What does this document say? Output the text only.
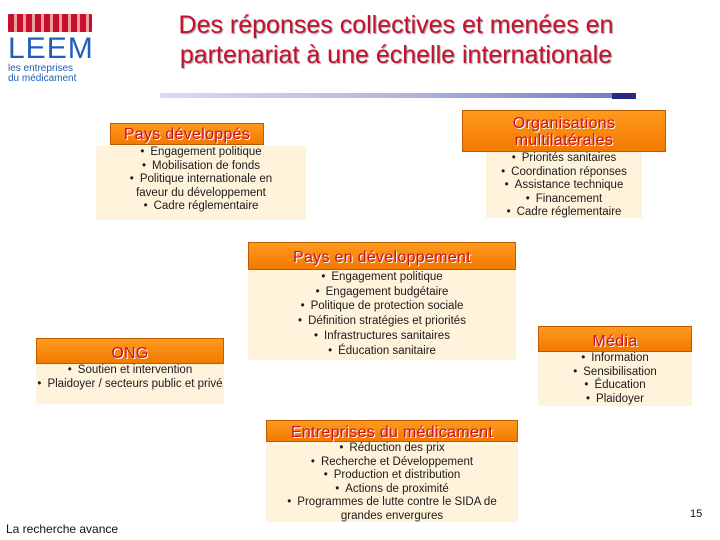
LEEM
les entreprises
du médicament
Des réponses collectives et menées en
partenariat à une échelle internationale
Pays développés
• Engagement politique
• Mobilisation de fonds
• Politique internationale en faveur du développement
• Cadre réglementaire
Organisations multilatérales
• Priorités sanitaires
• Coordination réponses
• Assistance technique
• Financement
• Cadre réglementaire
Pays en développement
• Engagement politique
• Engagement budgétaire
• Politique de protection sociale
• Définition stratégies et priorités
• Infrastructures sanitaires
• Éducation sanitaire
ONG
• Soutien et intervention
• Plaidoyer / secteurs public et privé
Média
• Information
• Sensibilisation
• Éducation
• Plaidoyer
Entreprises du médicament
• Réduction des prix
• Recherche et Développement
• Production et distribution
• Actions de proximité
• Programmes de lutte contre le SIDA de grandes envergures
La recherche avance
15
